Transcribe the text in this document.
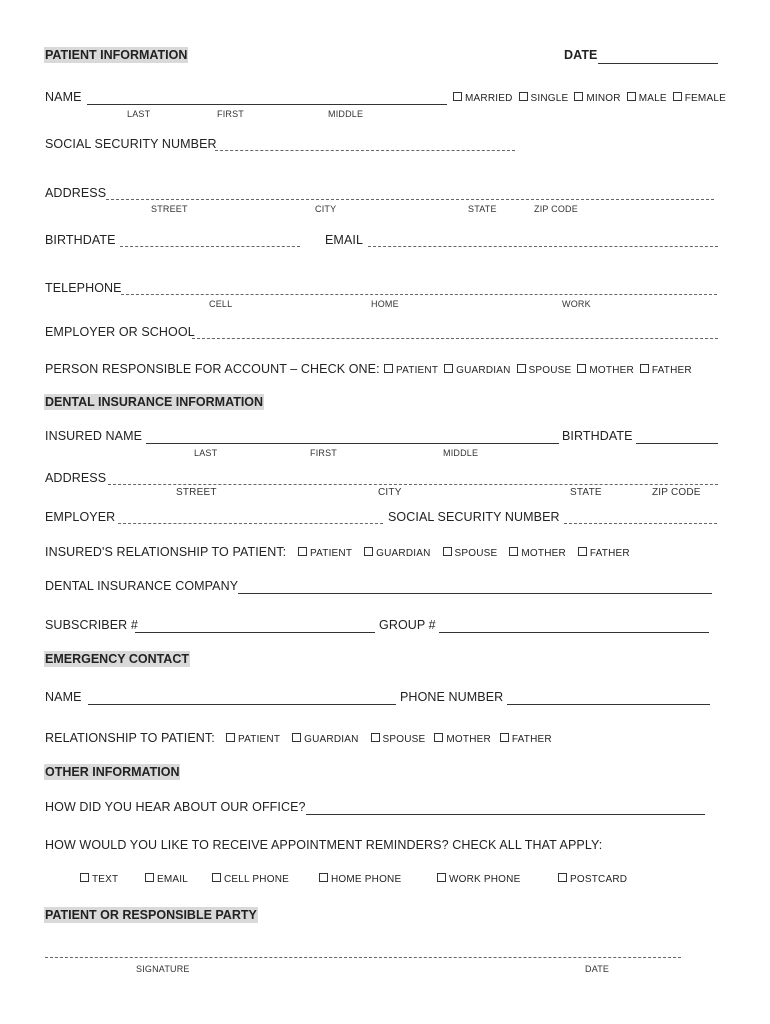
PATIENT INFORMATION	DATE
NAME
LAST	FIRST	MIDDLE
MARRIED SINGLE MINOR MALE FEMALE
SOCIAL SECURITY NUMBER
ADDRESS
STREET	CITY	STATE	ZIP CODE
BIRTHDATE	EMAIL
TELEPHONE
CELL	HOME	WORK
EMPLOYER OR SCHOOL
PERSON RESPONSIBLE FOR ACCOUNT – CHECK ONE:	PATIENT GUARDIAN SPOUSE MOTHER FATHER
DENTAL INSURANCE INFORMATION
INSURED NAME	BIRTHDATE
LAST	FIRST	MIDDLE
ADDRESS
STREET	CITY	STATE	ZIP CODE
EMPLOYER	SOCIAL SECURITY NUMBER
INSURED'S RELATIONSHIP TO PATIENT:	PATIENT GUARDIAN SPOUSE MOTHER FATHER
DENTAL INSURANCE COMPANY
SUBSCRIBER #	GROUP #
EMERGENCY CONTACT
NAME	PHONE NUMBER
RELATIONSHIP TO PATIENT:	PATIENT GUARDIAN SPOUSE MOTHER FATHER
OTHER INFORMATION
HOW DID YOU HEAR ABOUT OUR OFFICE?
HOW WOULD YOU LIKE TO RECEIVE APPOINTMENT REMINDERS? CHECK ALL THAT APPLY:
TEXT	EMAIL	CELL PHONE	HOME PHONE	WORK PHONE	POSTCARD
PATIENT OR RESPONSIBLE PARTY
SIGNATURE	DATE
